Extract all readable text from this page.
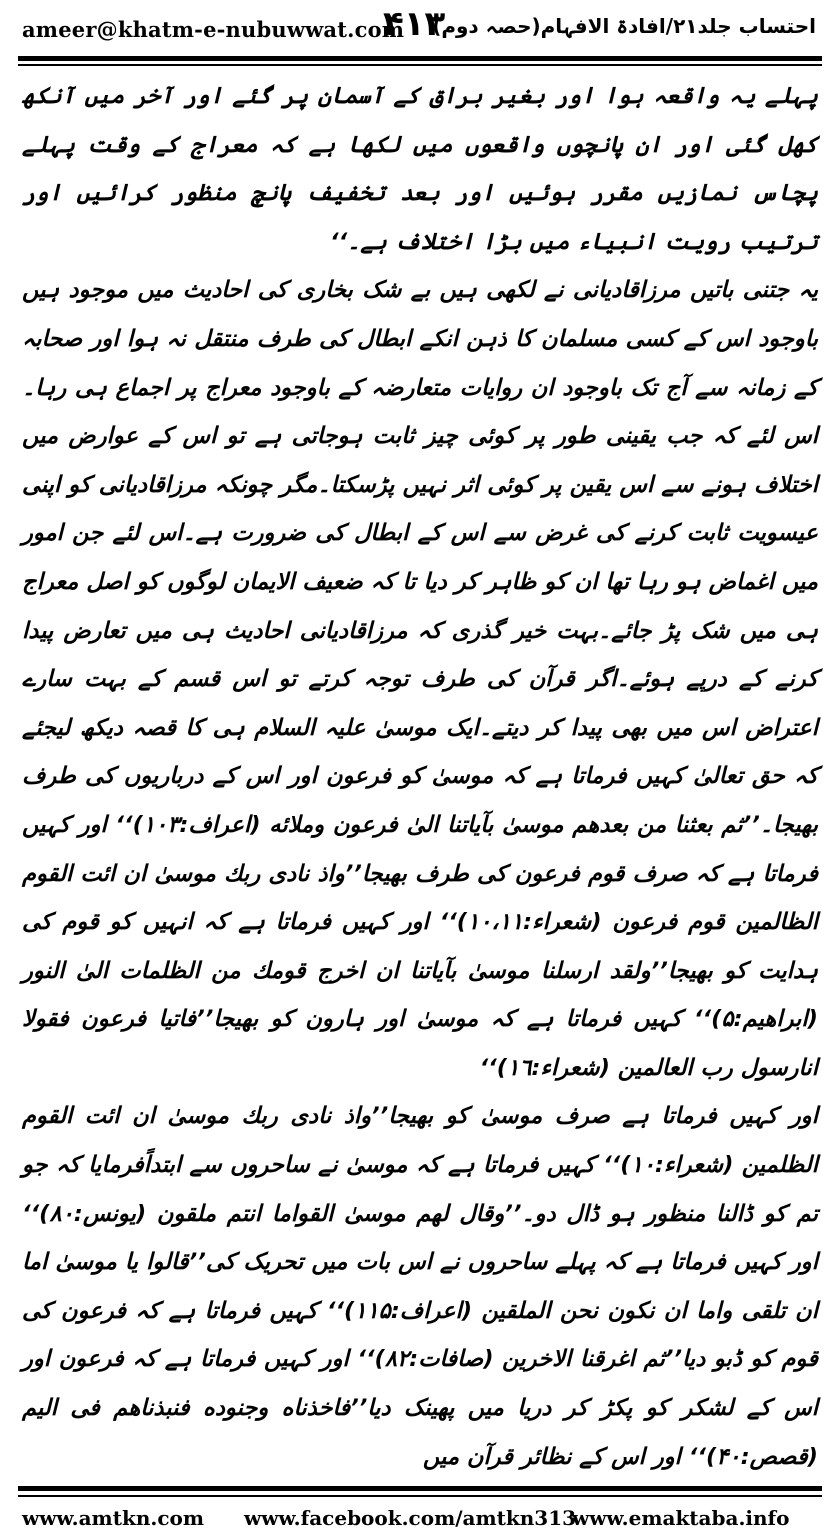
ameer@khatm-e-nubuwwat.com
۴۱۳
احتساب جلد۲۱/افادۃ الافہام(حصہ دوم)

پہلے یہ واقعہ ہوا اور بغیر براق کے آسمان پر گئے اور آخر میں آنکھ کھل گئی اور ان پانچوں واقعوں میں لکھا ہے کہ معراج کے وقت پہلے پچاس نمازیں مقرر ہوئیں اور بعد تخفیف پانچ منظور کرائیں اور ترتیب رویت انبیاء میں بڑا اختلاف ہے۔‘‘

یہ جتنی باتیں مرزاقادیانی نے لکھی ہیں بے شک بخاری کی احادیث میں موجود ہیں باوجود اس کے کسی مسلمان کا ذہن انکے ابطال کی طرف منتقل نہ ہوا اور صحابہ کے زمانہ سے آج تک باوجود ان روایات متعارضہ کے باوجود معراج پر اجماع ہی رہا۔اس لئے کہ جب یقینی طور پر کوئی چیز ثابت ہوجاتی ہے تو اس کے عوارض میں اختلاف ہونے سے اس یقین پر کوئی اثر نہیں پڑسکتا۔مگر چونکہ مرزاقادیانی کو اپنی عیسویت ثابت کرنے کی غرض سے اس کے ابطال کی ضرورت ہے۔اس لئے جن امور میں اغماض ہو رہا تھا ان کو ظاہر کر دیا تا کہ ضعیف الایمان لوگوں کو اصل معراج ہی میں شک پڑ جائے۔بہت خیر گذری کہ مرزاقادیانی احادیث ہی میں تعارض پیدا کرنے کے درپے ہوئے۔اگر قرآن کی طرف توجہ کرتے تو اس قسم کے بہت سارے اعتراض اس میں بھی پیدا کر دیتے۔ایک موسیٰ علیہ السلام ہی کا قصہ دیکھ لیجئے کہ حق تعالیٰ کہیں فرماتا ہے کہ موسیٰ کو فرعون اور اس کے درباریوں کی طرف بھیجا۔’’ثم بعثنا من بعدهم موسیٰ بآیاتنا الیٰ فرعون وملائه (اعراف:۱۰۳)‘‘ اور کہیں فرماتا ہے کہ صرف قوم فرعون کی طرف بھیجا’’واذ نادی ربك موسیٰ ان ائت القوم الظالمین قوم فرعون (شعراء:۱۰،۱۱)‘‘ اور کہیں فرماتا ہے کہ انہیں کو قوم کی ہدایت کو بھیجا’’ولقد ارسلنا موسیٰ بآیاتنا ان اخرج قومك من الظلمات الیٰ النور (ابراهیم:۵)‘‘ کہیں فرماتا ہے کہ موسیٰ اور ہارون کو بھیجا’’فاتیا فرعون فقولا انارسول رب العالمین (شعراء:۱٦)‘‘

اور کہیں فرماتا ہے صرف موسیٰ کو بھیجا’’واذ نادی ربك موسیٰ ان ائت القوم الظلمین (شعراء:۱۰)‘‘ کہیں فرماتا ہے کہ موسیٰ نے ساحروں سے ابتداًفرمایا کہ جو تم کو ڈالنا منظور ہو ڈال دو۔’’وقال لهم موسیٰ القواما انتم ملقون (یونس:۸۰)‘‘ اور کہیں فرماتا ہے کہ پہلے ساحروں نے اس بات میں تحریک کی’’قالوا یا موسیٰ اما ان تلقی واما ان نکون نحن الملقین (اعراف:۱۱۵)‘‘ کہیں فرماتا ہے کہ فرعون کی قوم کو ڈبو دیا’’ثم اغرقنا الاخرین (صافات:۸۲)‘‘ اور کہیں فرماتا ہے کہ فرعون اور اس کے لشکر کو پکڑ کر دریا میں پھینک دیا’’فاخذناه وجنوده فنبذناهم فی الیم (قصص:۴۰)‘‘ اور اس کے نظائر قرآن میں

www.amtkn.com www.facebook.com/amtkn313
www.emaktaba.info
